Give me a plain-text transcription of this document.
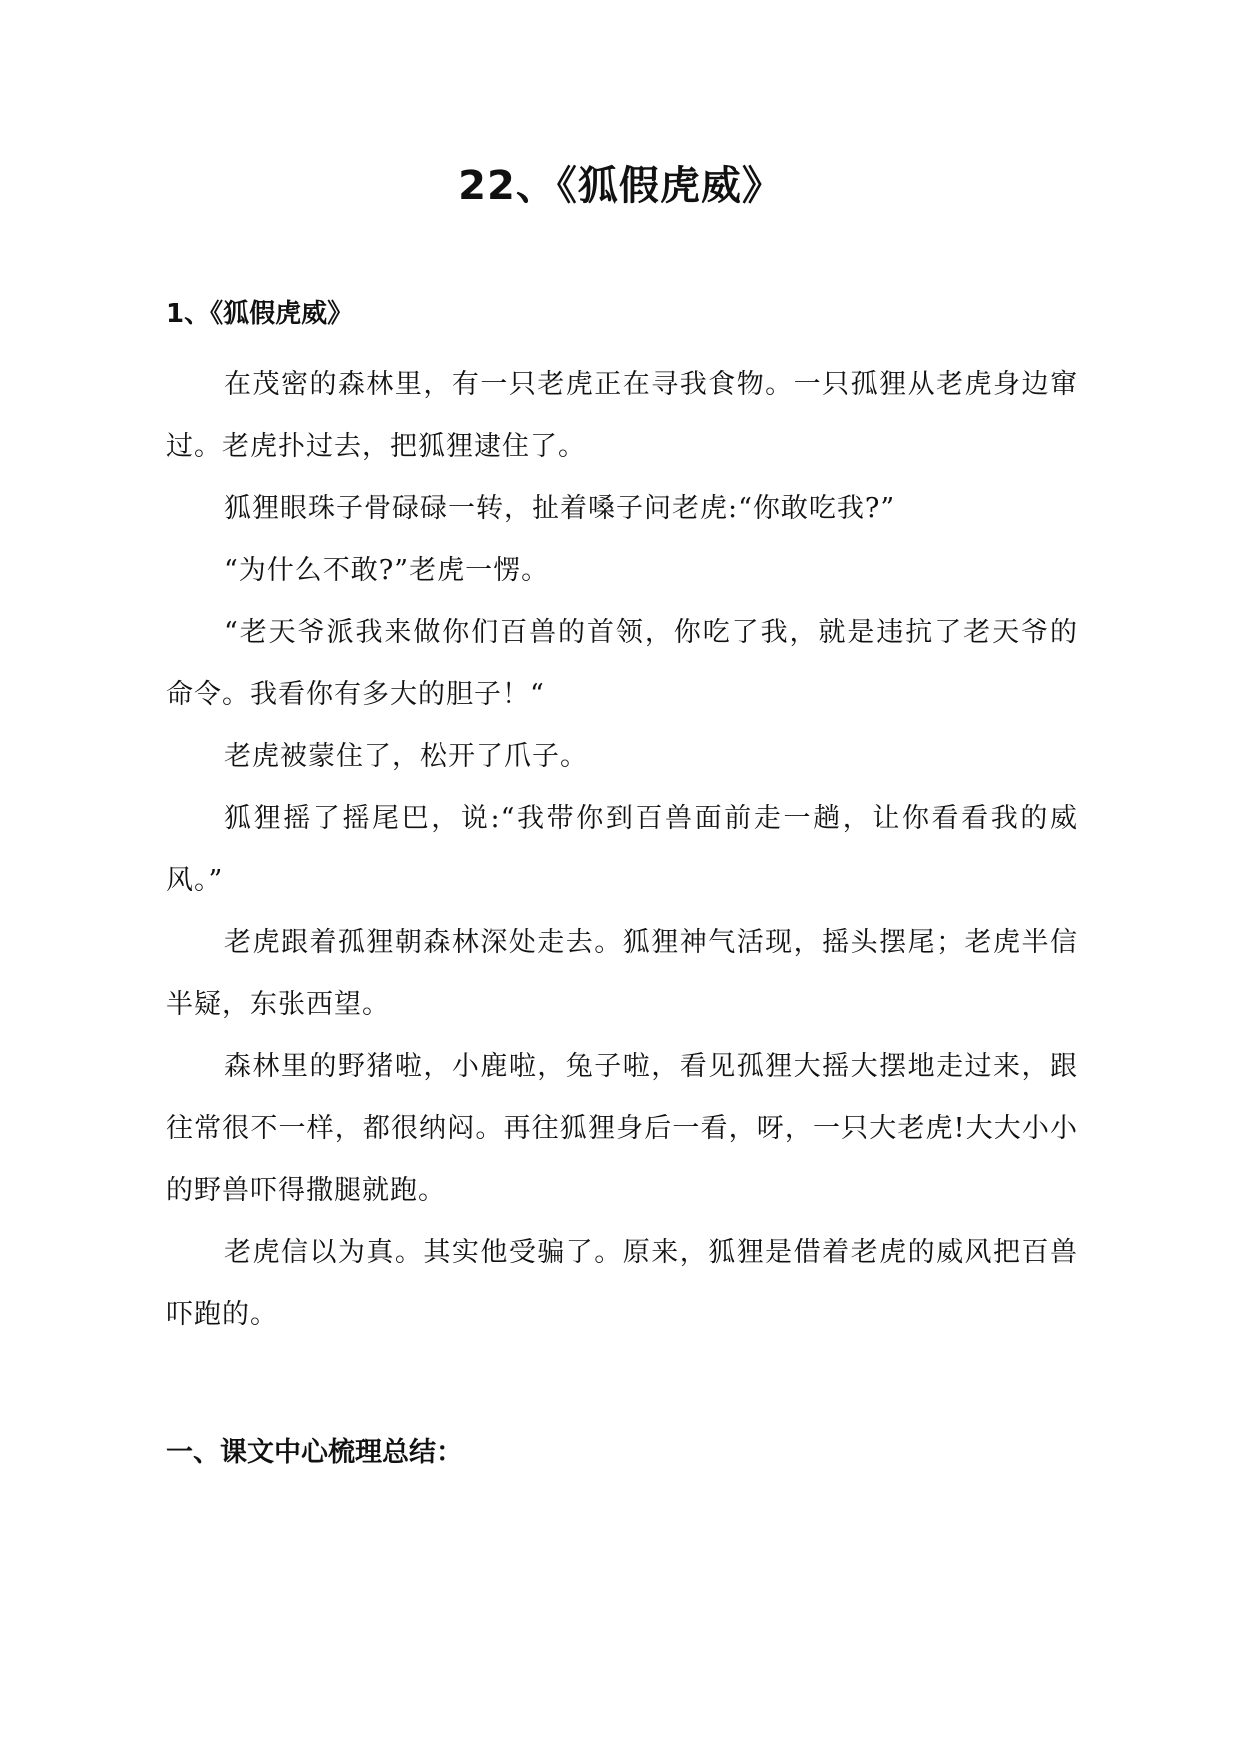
22、《狐假虎威》
1、《狐假虎威》

在茂密的森林里，有一只老虎正在寻我食物。一只孤狸从老虎身边窜过。老虎扑过去，把狐狸逮住了。

狐狸眼珠子骨碌碌一转，扯着嗓子问老虎:“你敢吃我?”

“为什么不敢?”老虎一愣。

“老天爷派我来做你们百兽的首领，你吃了我，就是违抗了老天爷的命令。我看你有多大的胆子！“

老虎被蒙住了，松开了爪子。

狐狸摇了摇尾巴，说:“我带你到百兽面前走一趟，让你看看我的威风。”

老虎跟着孤狸朝森林深处走去。狐狸神气活现，摇头摆尾；老虎半信半疑，东张西望。

森林里的野猪啦，小鹿啦，兔子啦，看见孤狸大摇大摆地走过来，跟往常很不一样，都很纳闷。再往狐狸身后一看，呀，一只大老虎!大大小小的野兽吓得撒腿就跑。

老虎信以为真。其实他受骗了。原来，狐狸是借着老虎的威风把百兽吓跑的。

一、课文中心梳理总结：
